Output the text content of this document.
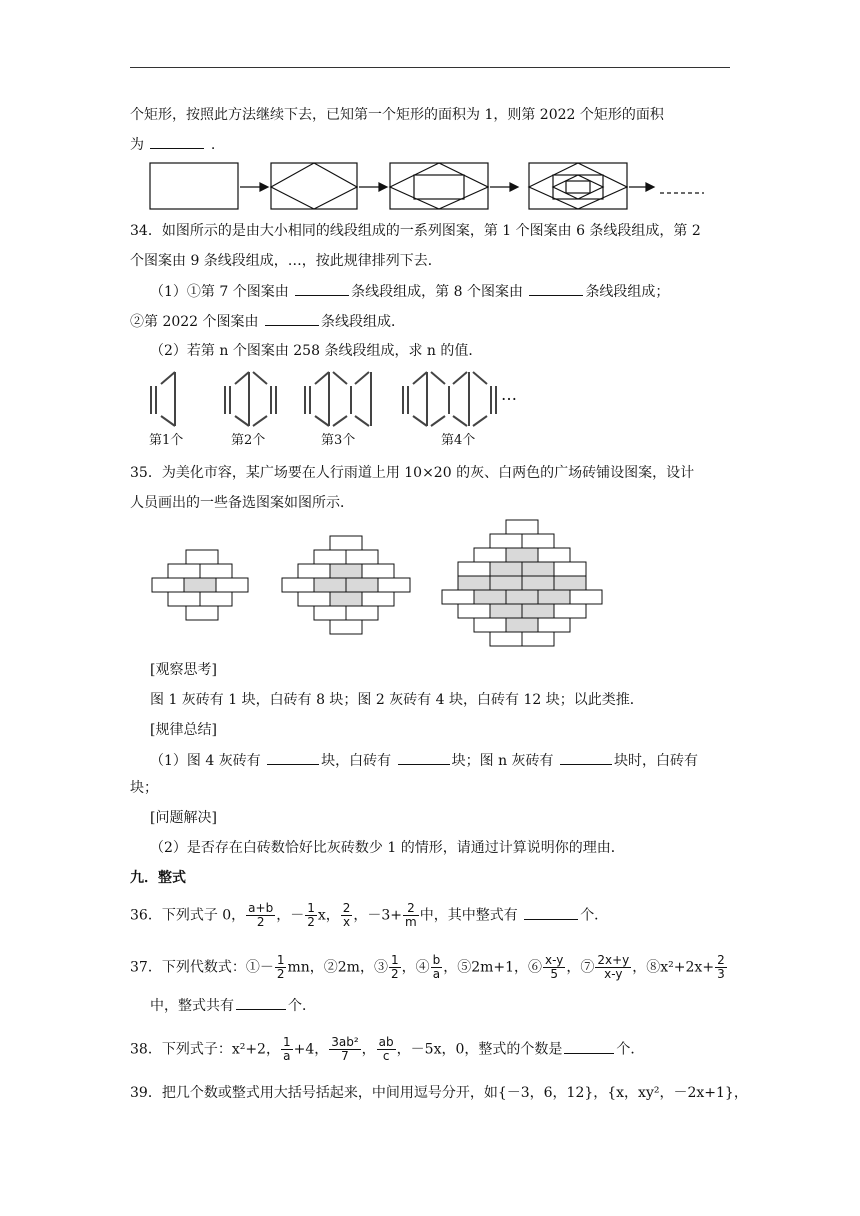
个矩形，按照此方法继续下去，已知第一个矩形的面积为 1，则第 2022 个矩形的面积
为	.
34．如图所示的是由大小相同的线段组成的一系列图案，第 1 个图案由 6 条线段组成，第 2
个图案由 9 条线段组成，…，按此规律排列下去．
（1）①第 7 个图案由	条线段组成，第 8 个图案由	条线段组成；
②第 2022 个图案由	条线段组成．
（2）若第 n 个图案由 258 条线段组成，求 n 的值．
…
第1个	第2个	第3个	第4个
35．为美化市容，某广场要在人行雨道上用 10×20 的灰、白两色的广场砖铺设图案，设计
人员画出的一些备选图案如图所示．
[观察思考]
图 1 灰砖有 1 块，白砖有 8 块；图 2 灰砖有 4 块，白砖有 12 块；以此类推．
[规律总结]
（1）图 4 灰砖有	块，白砖有	块；图 n 灰砖有	块时，白砖有
块；
[问题解决]
（2）是否存在白砖数恰好比灰砖数少 1 的情形，请通过计算说明你的理由．
九．整式
36．下列式子 0， $\frac{a+b}{2}$ ，－ $\frac{1}{2}$ x， $\frac{2}{x}$ ，$-3+ \frac{2}{m}$ 中，其中整式有	个．
37．下列代数式：①－ $\frac{1}{2}$ mn，②2m，③ $\frac{1}{2}$ ，④ $\frac{b}{a}$ ，⑤2m+1，⑥ $\frac{x-y}{5}$ ，⑦ $\frac{2x+y}{x-y}$ ，⑧x²+2x+ $\frac{2}{3}$
中，整式共有	个．
38．下列式子：x²+2， $\frac{1}{a} +4$， $\frac{\text{3ab²}}{7}$ ， $\frac{ab}{c}$ ，－5x，0，整式的个数是	个．
39．把几个数或整式用大括号括起来，中间用逗号分开，如{－3，6，12}，{x，xy²，－2x+1}，
